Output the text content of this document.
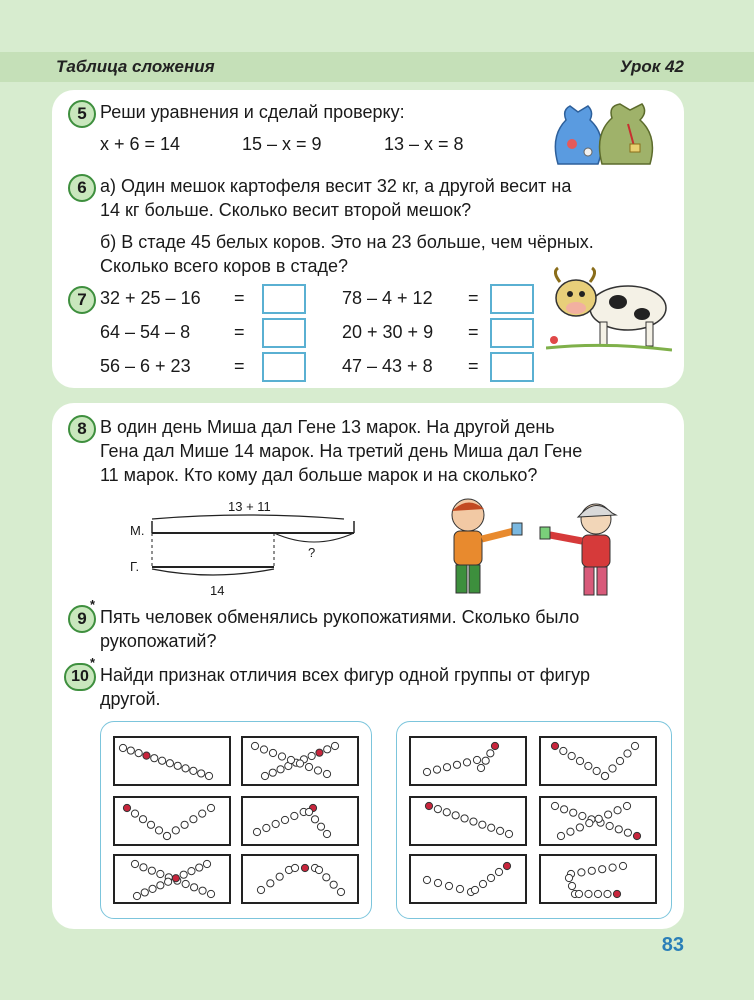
Таблица сложения	Урок 42
5 Реши уравнения и сделай проверку:
x + 6 = 14	15 – x = 9	13 – x = 8
6 а) Один мешок картофеля весит 32 кг, а другой весит на
14 кг больше. Сколько весит второй мешок?
б) В стаде 45 белых коров. Это на 23 больше, чем чёрных.
Сколько всего коров в стаде?
7 32 + 25 – 16 =	78 – 4 + 12 =
64 – 54 – 8 =	20 + 30 + 9 =
56 – 6 + 23 =	47 – 43 + 8 =
8 В один день Миша дал Гене 13 марок. На другой день
Гена дал Мише 14 марок. На третий день Миша дал Гене
11 марок. Кто кому дал больше марок и на сколько?
13 + 11
М.
Г.
?
14
9
*
Пять человек обменялись рукопожатиями. Сколько было
рукопожатий?
10
*
Найди признак отличия всех фигур одной группы от фигур
другой.
83
